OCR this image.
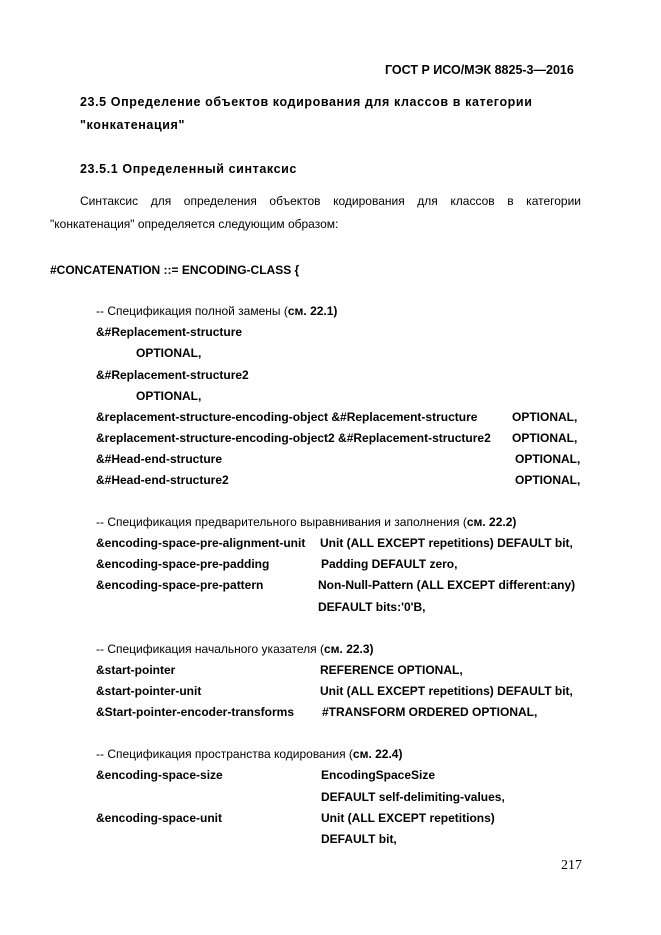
ГОСТ Р ИСО/МЭК 8825-3—2016
23.5 Определение объектов кодирования для классов в категории
"конкатенация"
23.5.1 Определенный синтаксис
Синтаксис для определения объектов кодирования для классов в категории
"конкатенация" определяется следующим образом:
#CONCATENATION ::= ENCODING-CLASS {
-- Спецификация полной замены (см. 22.1)
&#Replacement-structure
OPTIONAL,
&#Replacement-structure2
OPTIONAL,
&replacement-structure-encoding-object &#Replacement-structure	OPTIONAL,
&replacement-structure-encoding-object2 &#Replacement-structure2 OPTIONAL,
&#Head-end-structure	OPTIONAL,
&#Head-end-structure2	OPTIONAL,
-- Спецификация предварительного выравнивания и заполнения (см. 22.2)
&encoding-space-pre-alignment-unit Unit (ALL EXCEPT repetitions) DEFAULT bit,
&encoding-space-pre-padding	Padding DEFAULT zero,
&encoding-space-pre-pattern	Non-Null-Pattern (ALL EXCEPT different:any)
DEFAULT bits:'0'B,
-- Спецификация начального указателя (см. 22.3)
&start-pointer	REFERENCE OPTIONAL,
&start-pointer-unit	Unit (ALL EXCEPT repetitions) DEFAULT bit,
&Start-pointer-encoder-transforms #TRANSFORM ORDERED OPTIONAL,
-- Спецификация пространства кодирования (см. 22.4)
&encoding-space-size	EncodingSpaceSize
DEFAULT self-delimiting-values,
&encoding-space-unit	Unit (ALL EXCEPT repetitions)
DEFAULT bit,
217
